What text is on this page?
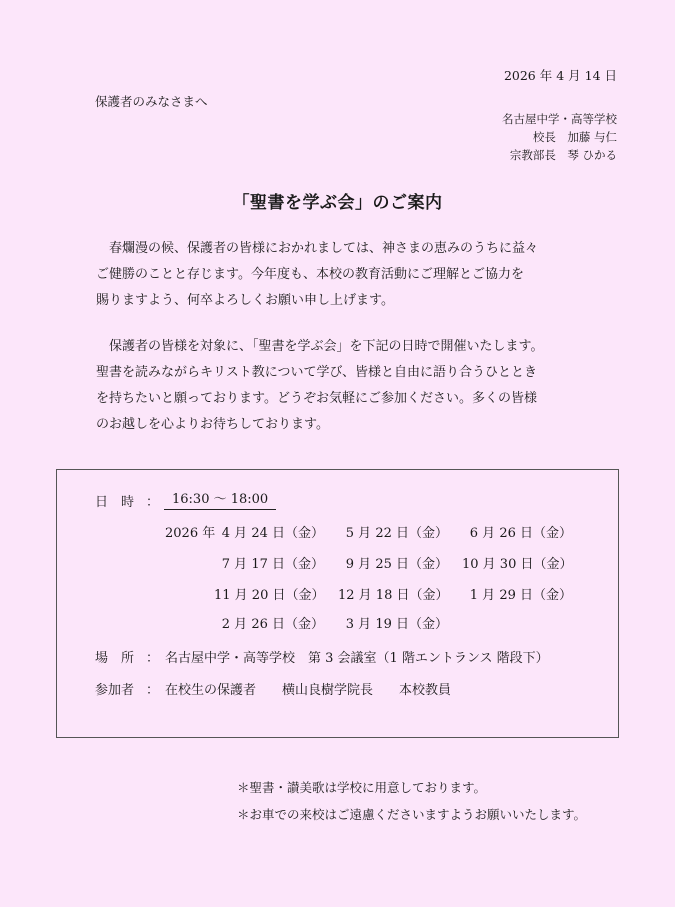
2026 年 4 月 14 日
保護者のみなさまへ
名古屋中学・高等学校
校長　加藤 与仁
宗教部長　琴 ひかる
「聖書を学ぶ会」のご案内

春爛漫の候、保護者の皆様におかれましては、神さまの恵みのうちに益々

ご健勝のことと存じます。今年度も、本校の教育活動にご理解とご協力を

賜りますよう、何卒よろしくお願い申し上げます。

保護者の皆様を対象に、「聖書を学ぶ会」を下記の日時で開催いたします。

聖書を読みながらキリスト教について学び、皆様と自由に語り合うひととき

を持ちたいと願っております。どうぞお気軽にご参加ください。多くの皆様

のお越しを心よりお待ちしております。

日　時 ： 16:30 ～ 18:00
2026 年 4 月 24 日（金）	5 月 22 日（金）	6 月 26 日（金）
7 月 17 日（金）	9 月 25 日（金） 10 月 30 日（金）
11 月 20 日（金） 12 月 18 日（金）	1 月 29 日（金）
2 月 26 日（金）	3 月 19 日（金）
場　所 ： 名古屋中学・高等学校　第 3 会議室（1 階エントランス 階段下）
参加者 ： 在校生の保護者　　横山良樹学院長　　本校教員
＊聖書・讃美歌は学校に用意しております。
＊お車での来校はご遠慮くださいますようお願いいたします。
